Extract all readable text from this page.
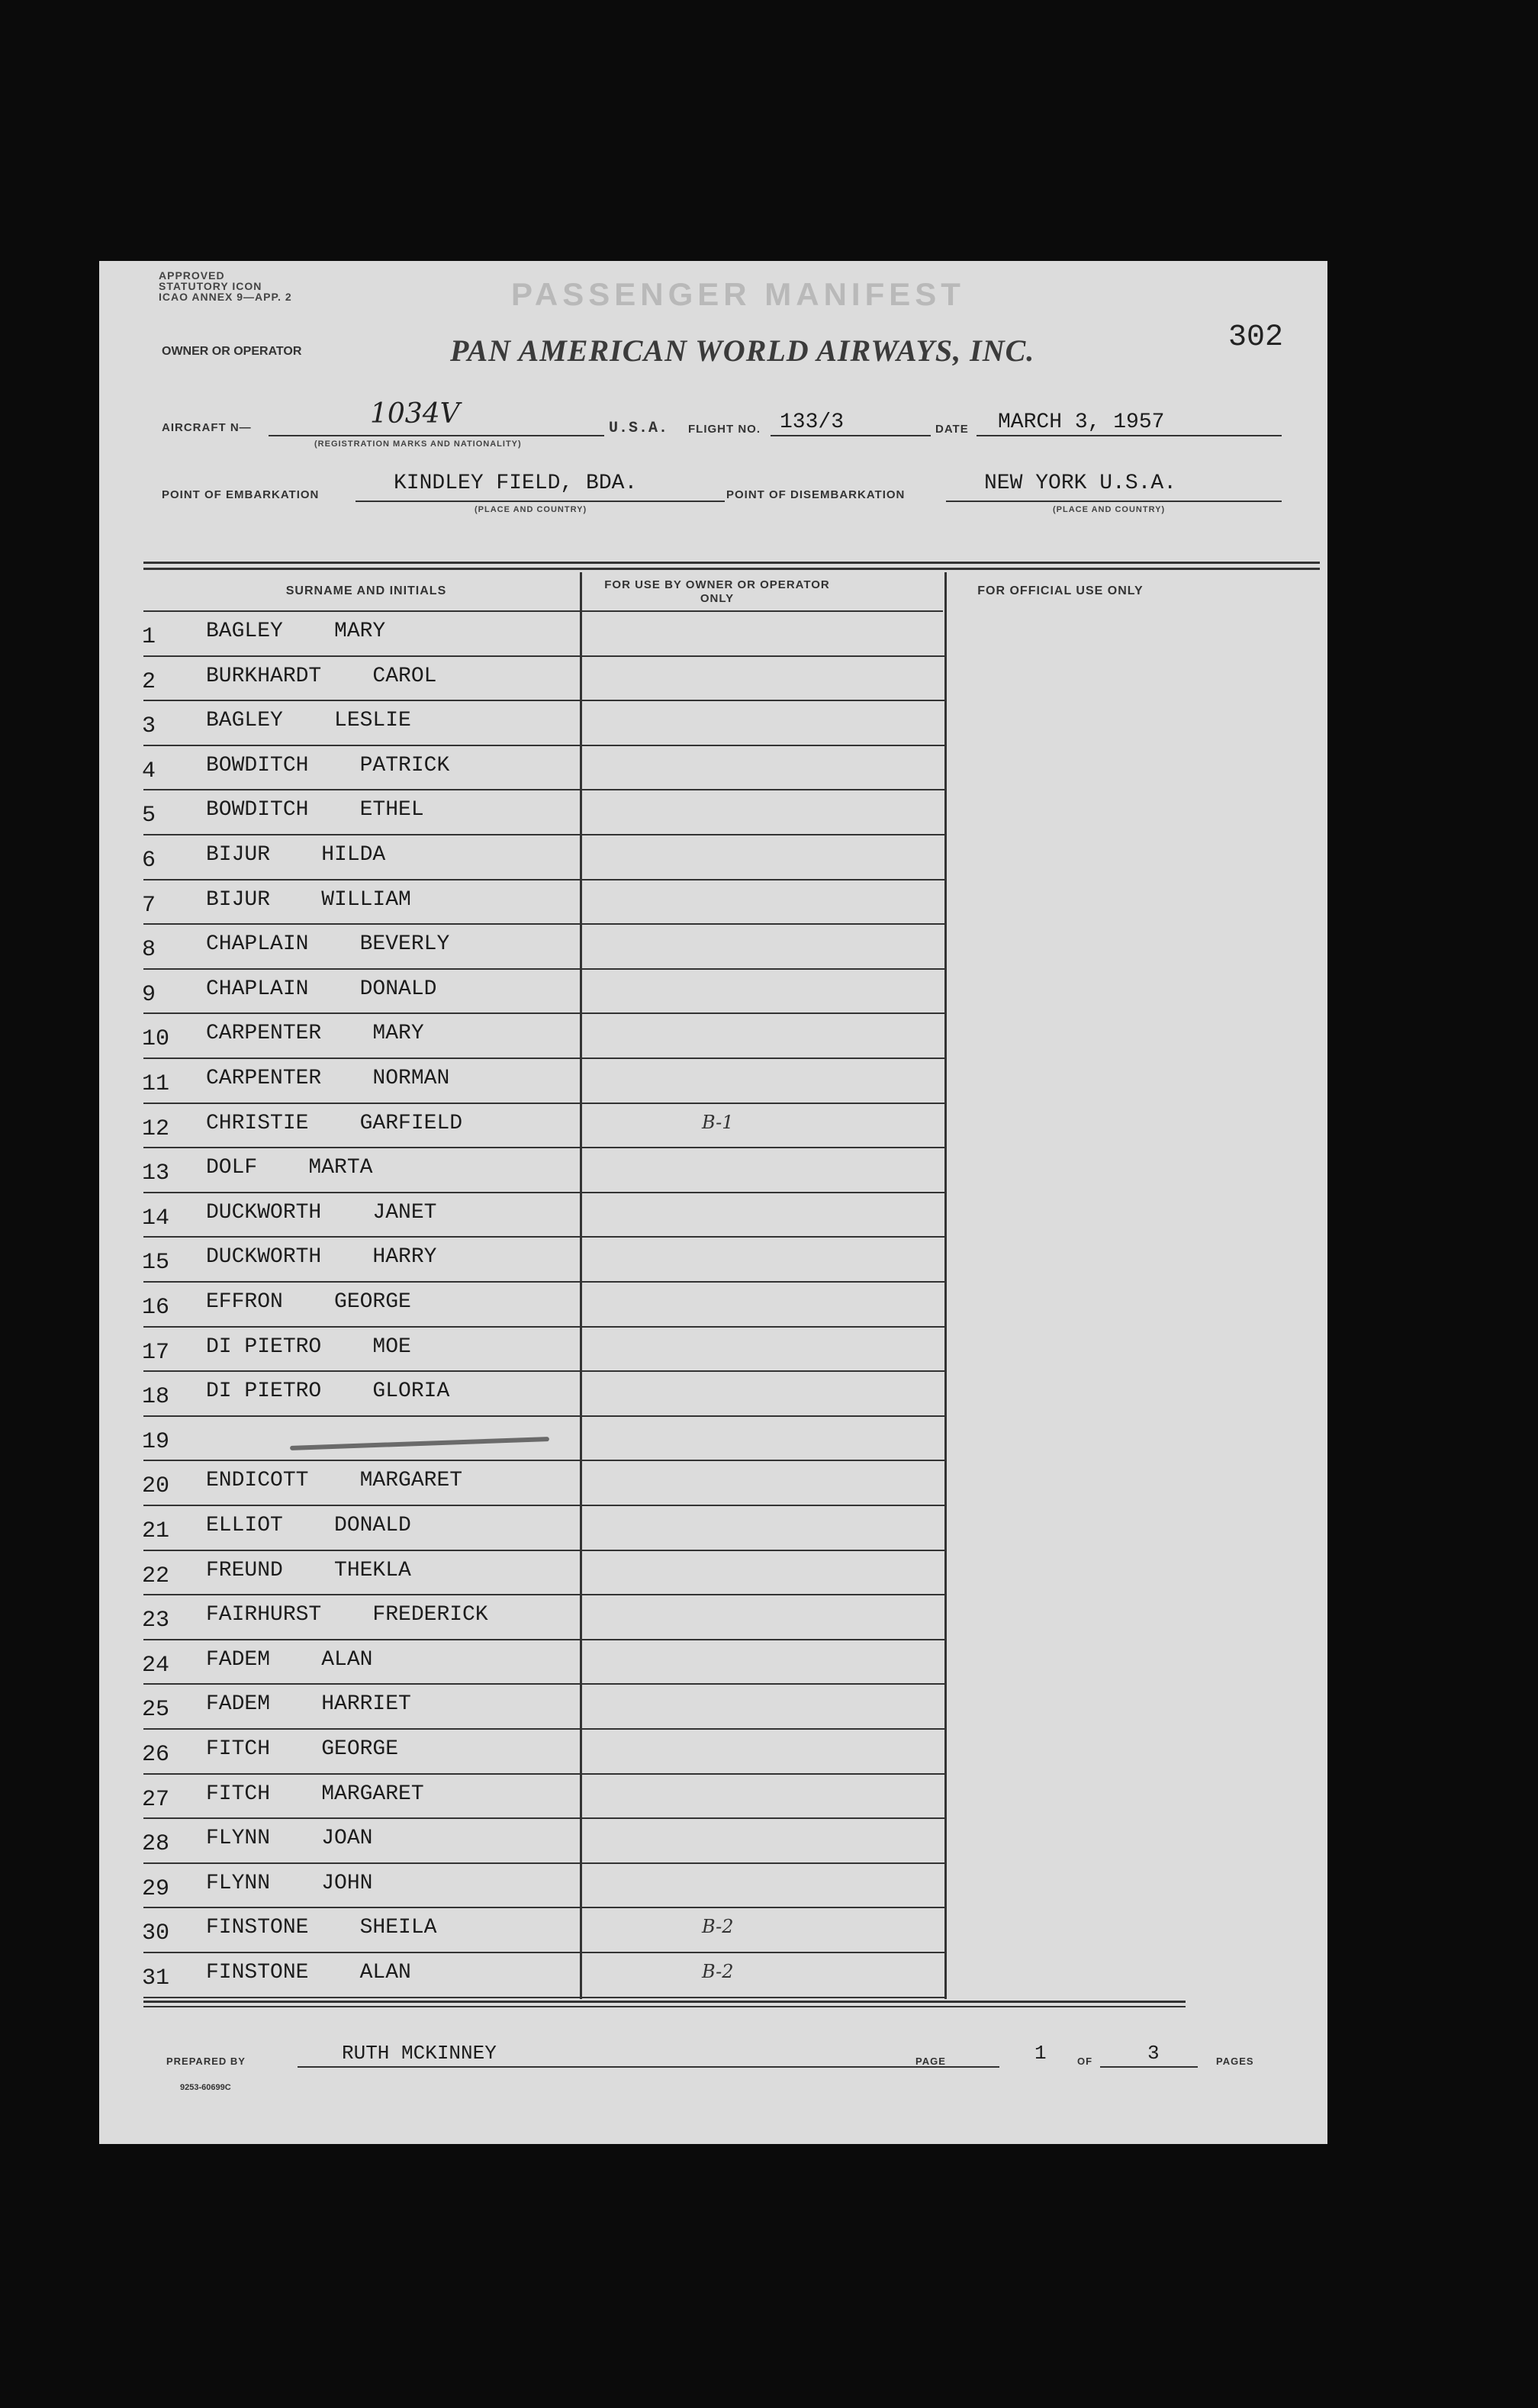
APPROVED
STATUTORY ICON
ICAO ANNEX 9—APP. 2	PASSENGER MANIFEST
302
OWNER OR OPERATOR	PAN AMERICAN WORLD AIRWAYS, INC.
AIRCRAFT N—	1034V
(REGISTRATION MARKS AND NATIONALITY)
U.S.A. FLIGHT NO. 133/3	DATE MARCH 3, 1957
POINT OF EMBARKATION	KINDLEY FIELD, BDA.
(PLACE AND COUNTRY)
POINT OF DISEMBARKATION	NEW YORK U.S.A.
(PLACE AND COUNTRY)
SURNAME AND INITIALS	FOR USE BY OWNER OR OPERATOR ONLY
FOR OFFICIAL USE ONLY
1	BAGLEY    MARY
2	BURKHARDT    CAROL
3	BAGLEY    LESLIE
4	BOWDITCH    PATRICK
5	BOWDITCH    ETHEL
6	BIJUR    HILDA
7	BIJUR    WILLIAM
8	CHAPLAIN    BEVERLY
9	CHAPLAIN    DONALD
10 CARPENTER    MARY
11 CARPENTER    NORMAN
12 CHRISTIE    GARFIELD	B-1
13 DOLF    MARTA
14 DUCKWORTH    JANET
15 DUCKWORTH    HARRY
16 EFFRON    GEORGE
17 DI PIETRO    MOE
18 DI PIETRO    GLORIA
19
20 ENDICOTT    MARGARET
21 ELLIOT    DONALD
22 FREUND    THEKLA
23 FAIRHURST    FREDERICK
24 FADEM    ALAN
25 FADEM    HARRIET
26 FITCH    GEORGE
27 FITCH    MARGARET
28 FLYNN    JOAN
29 FLYNN    JOHN
30 FINSTONE    SHEILA	B-2
31 FINSTONE    ALAN	B-2
PREPARED BY	RUTH MCKINNEY	PAGE	1	OF	3	PAGES
9253-60699C
